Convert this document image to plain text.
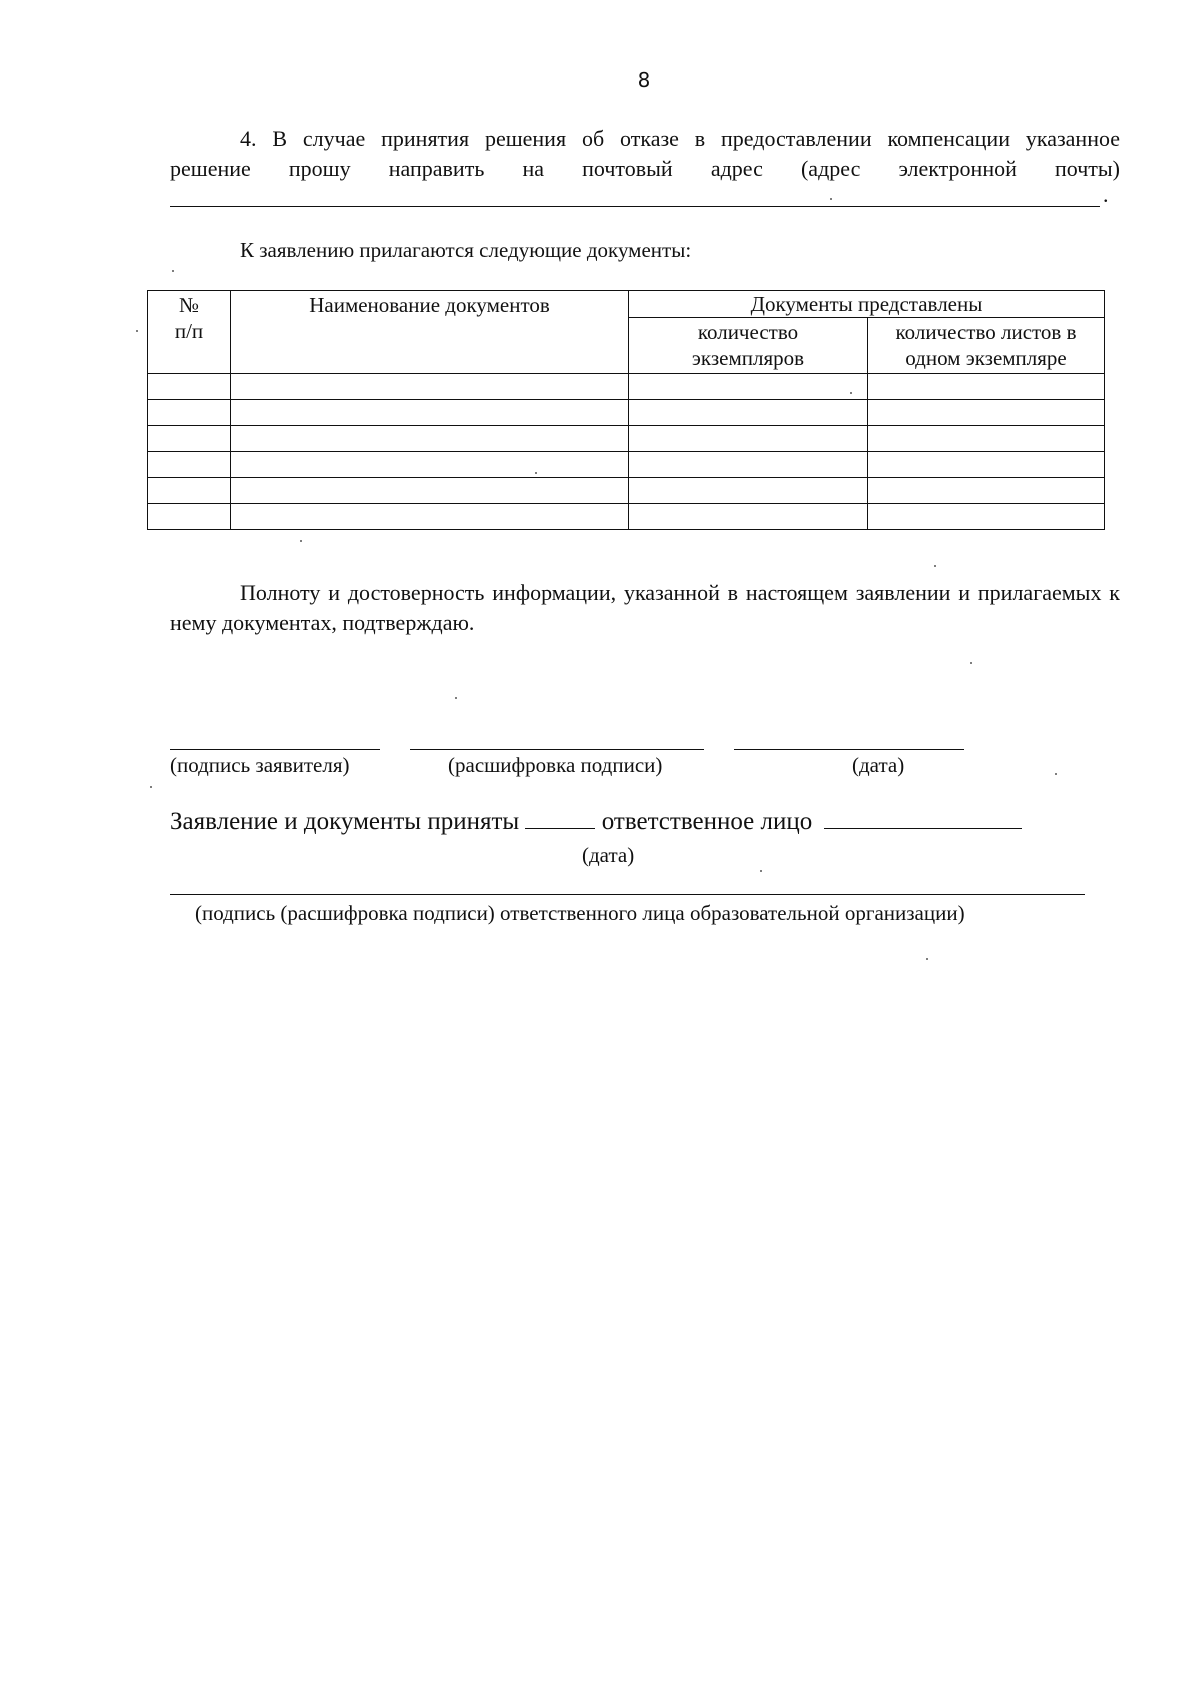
8
4. В случае принятия решения об отказе в предоставлении компенсации указанное
решение прошу направить на почтовый адрес (адрес электронной почты)
.
К заявлению прилагаются следующие документы:
№ п/п	Наименование документов	Документы представлены	
		количество экземпляров	количество листов в одном экземпляре

Полноту и достоверность информации, указанной в настоящем заявлении и прилагаемых к нему документах, подтверждаю.
(подпись заявителя)	(расшифровка подписи)	(дата)
Заявление и документы приняты	ответственное лицо
(дата)
(подпись (расшифровка подписи) ответственного лица образовательной организации)
